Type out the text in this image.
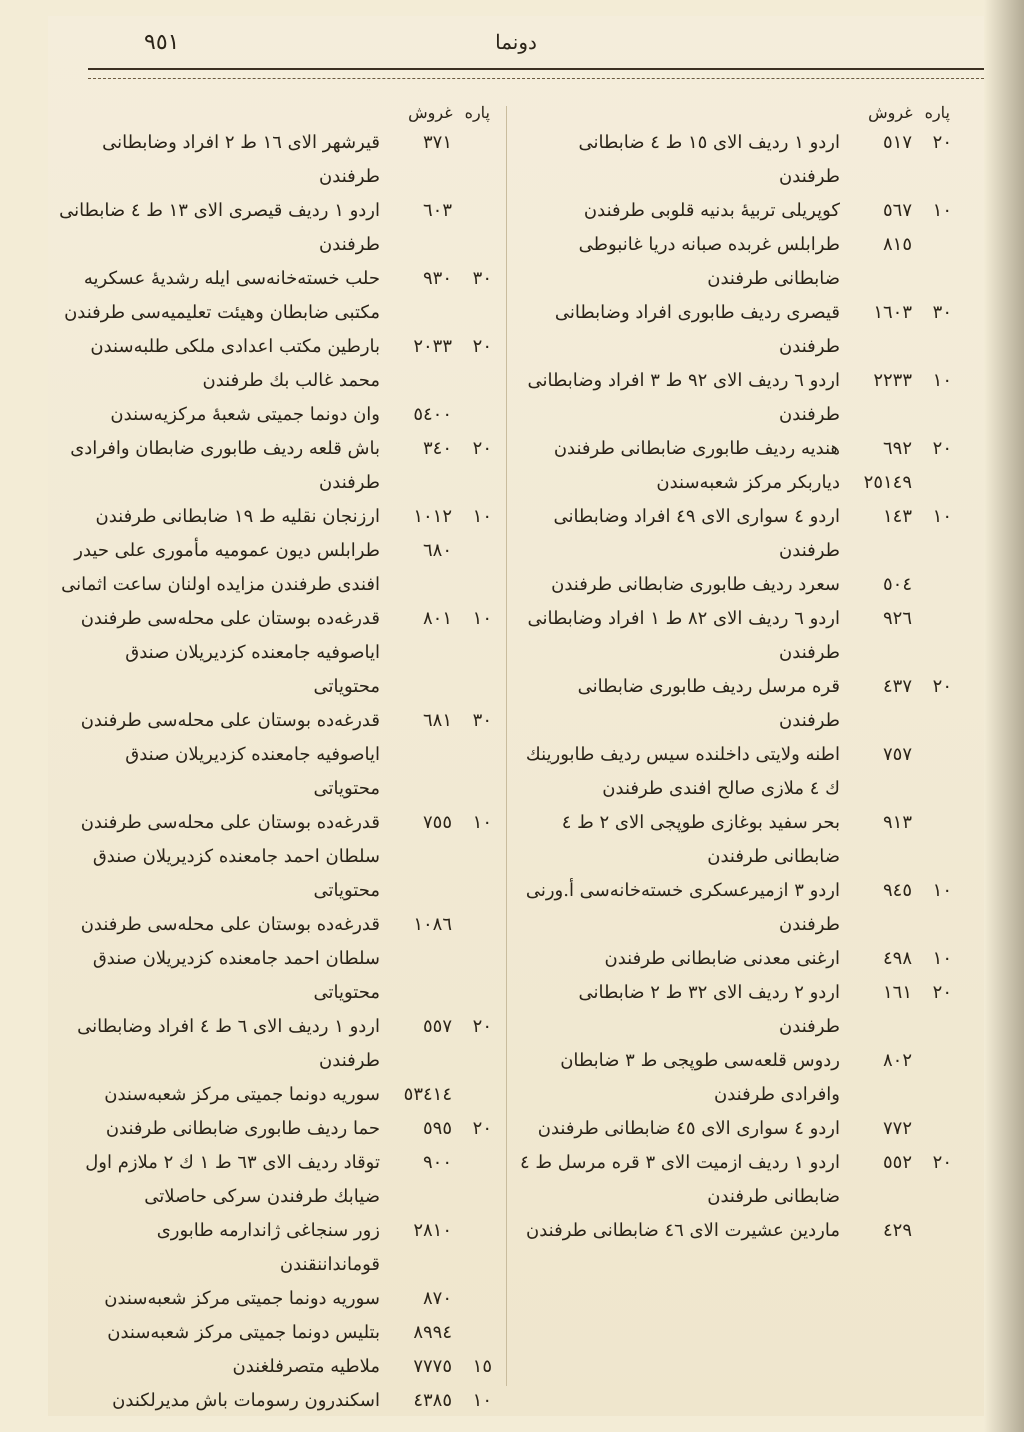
٩٥١	دونما
پاره
غروش
٢٠
٥١٧
اردو ١ رديف الاى ١٥ ط ٤ ضابطانى طرفندن
١٠
٥٦٧
كوپريلى تربيهٔ بدنيه قلوبى طرفندن
٨١٥
طرابلس غربده صبانه دريا غانبوطى ضابطانى طرفندن
٣٠
١٦٠٣
قيصرى رديف طابورى افراد وضابطانى طرفندن
١٠
٢٢٣٣
اردو ٦ رديف الاى ٩٢ ط ٣ افراد وضابطانى طرفندن
٢٠
٦٩٢
هنديه رديف طابورى ضابطانى طرفندن
٢٥١٤٩
دياربكر مركز شعبه‌سندن
١٠
١٤٣
اردو ٤ سوارى الاى ٤٩ افراد وضابطانى طرفندن
٥٠٤
سعرد رديف طابورى ضابطانى طرفندن
٩٢٦
اردو ٦ رديف الاى ٨٢ ط ١ افراد وضابطانى طرفندن
٢٠
٤٣٧
قره مرسل رديف طابورى ضابطانى طرفندن
٧٥٧
اطنه ولايتى داخلنده سيس رديف طابورينك ك ٤ ملازى صالح افندى طرفندن
٩١٣
بحر سفيد بوغازى طوپجى الاى ٢ ط ٤ ضابطانى طرفندن
١٠
٩٤٥
اردو ٣ ازميرعسكرى خسته‌خانه‌سى أ.ورنى طرفندن
١٠
٤٩٨
ارغنى معدنى ضابطانى طرفندن
٢٠
١٦١
اردو ٢ رديف الاى ٣٢ ط ٢ ضابطانى طرفندن
٨٠٢
ردوس قلعه‌سى طوپجى ط ٣ ضابطان وافرادى طرفندن
٧٧٢
اردو ٤ سوارى الاى ٤٥ ضابطانى طرفندن
٢٠
٥٥٢
اردو ١ رديف ازميت الاى ٣ قره مرسل ط ٤ ضابطانى طرفندن
٤٢٩
ماردين عشيرت الاى ٤٦ ضابطانى طرفندن
پاره
غروش
٣٧١
قيرشهر الاى ١٦ ط ٢ افراد وضابطانى طرفندن
٦٠٣
اردو ١ رديف قيصرى الاى ١٣ ط ٤ ضابطانى طرفندن
٣٠
٩٣٠
حلب خسته‌خانه‌سى ايله رشديهٔ عسكريه مكتبى ضابطان وهيئت تعليميه‌سى طرفندن
٢٠
٢٠٣٣
بارطين مكتب اعدادى ملكى طلبه‌سندن محمد غالب بك طرفندن
٥٤٠٠
وان دونما جميتى شعبهٔ مركزيه‌سندن
٢٠
٣٤٠
باش قلعه رديف طابورى ضابطان وافرادى طرفندن
١٠
١٠١٢
ارزنجان نقليه ط ١٩ ضابطانى طرفندن
٦٨٠
طرابلس ديون عموميه مأمورى على حيدر افندى طرفندن مزايده اولنان ساعت اثمانى
١٠
٨٠١
قدرغه‌ده بوستان على محله‌سى طرفندن اياصوفيه جامعنده كزديريلان صندق محتوياتى
٣٠
٦٨١
قدرغه‌ده بوستان على محله‌سى طرفندن اياصوفيه جامعنده كزديريلان صندق محتوياتى
١٠
٧٥٥
قدرغه‌ده بوستان على محله‌سى طرفندن سلطان احمد جامعنده كزديريلان صندق محتوياتى
١٠٨٦
قدرغه‌ده بوستان على محله‌سى طرفندن سلطان احمد جامعنده كزديريلان صندق محتوياتى
٢٠
٥٥٧
اردو ١ رديف الاى ٦ ط ٤ افراد وضابطانى طرفندن
٥٣٤١٤
سوريه دونما جميتى مركز شعبه‌سندن
٢٠
٥٩٥
حما رديف طابورى ضابطانى طرفندن
٩٠٠
توقاد رديف الاى ٦٣ ط ١ ك ٢ ملازم اول ضيابك طرفندن سركى حاصلاتى
٢٨١٠
زور سنجاغى ژاندارمه طابورى قومانداننقندن
٨٧٠
سوريه دونما جميتى مركز شعبه‌سندن
٨٩٩٤
بتليس دونما جميتى مركز شعبه‌سندن
١٥
٧٧٧٥
ملاطيه متصرفلغندن
١٠
٤٣٨٥
اسكندرون رسومات باش مديرلكندن
